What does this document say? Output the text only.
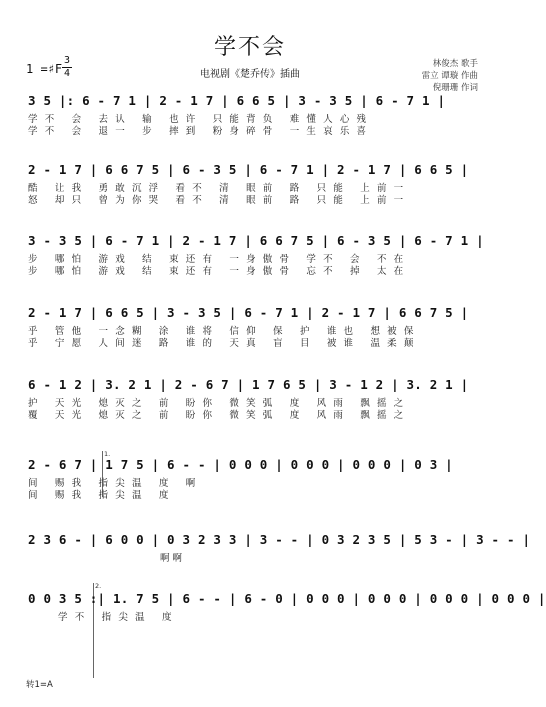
学不会
1 =♯F
3
4	电视剧《楚乔传》插曲
林俊杰 歌手
雷立 谭璇 作曲
倪珊珊 作词
3 5 |: 6 - 7 1 | 2 - 1 7 | 6 6 5 | 3 - 3 5 | 6 - 7 1 |
学不 会 去认 输 也许 只能背负 难懂人心残
学不 会 退一 步 摔到 粉身碎骨 一生哀乐喜
2 - 1 7 | 6 6 7 5 | 6 - 3 5 | 6 - 7 1 | 2 - 1 7 | 6 6 5 |
酷 让我 勇敢沉浮 看不 清 眼前 路 只能 上前一
怒 却只 曾为你哭 看不 清 眼前 路 只能 上前一
3 - 3 5 | 6 - 7 1 | 2 - 1 7 | 6 6 7 5 | 6 - 3 5 | 6 - 7 1 |
步 哪怕 游戏 结 束还有 一身傲骨 学不 会 不在
步 哪怕 游戏 结 束还有 一身傲骨 忘不 掉 太在
2 - 1 7 | 6 6 5 | 3 - 3 5 | 6 - 7 1 | 2 - 1 7 | 6 6 7 5 |
乎 管他 一念糊 涂 谁将 信仰 保 护 谁也 想被保
乎 宁愿 人间迷 路 谁的 天真 盲 目 被谁 温柔颠
6 - 1 2 | 3. 2 1 | 2 - 6 7 | 1 7 6 5 | 3 - 1 2 | 3. 2 1 |
护 天光 熄灭之 前 盼你 微笑弧 度 风雨 飘摇之
覆 天光 熄灭之 前 盼你 微笑弧 度 风雨 飘摇之
1.
2 - 6 7 | 1 7 5 | 6 - - | 0 0 0 | 0 0 0 | 0 0 0 | 0 3 |
间 赐我 指尖温 度 啊
间 赐我 指尖温 度
2 3 6 - | 6 0 0 | 0 3 2 3 3 | 3 - - | 0 3 2 3 5 | 5 3 - | 3 - - |
啊 啊
2.
0 0 3 5 :| 1. 7 5 | 6 - - | 6 - 0 | 0 0 0 | 0 0 0 | 0 0 0 | 0 0 0 |
学不 指尖温 度
转1=A
